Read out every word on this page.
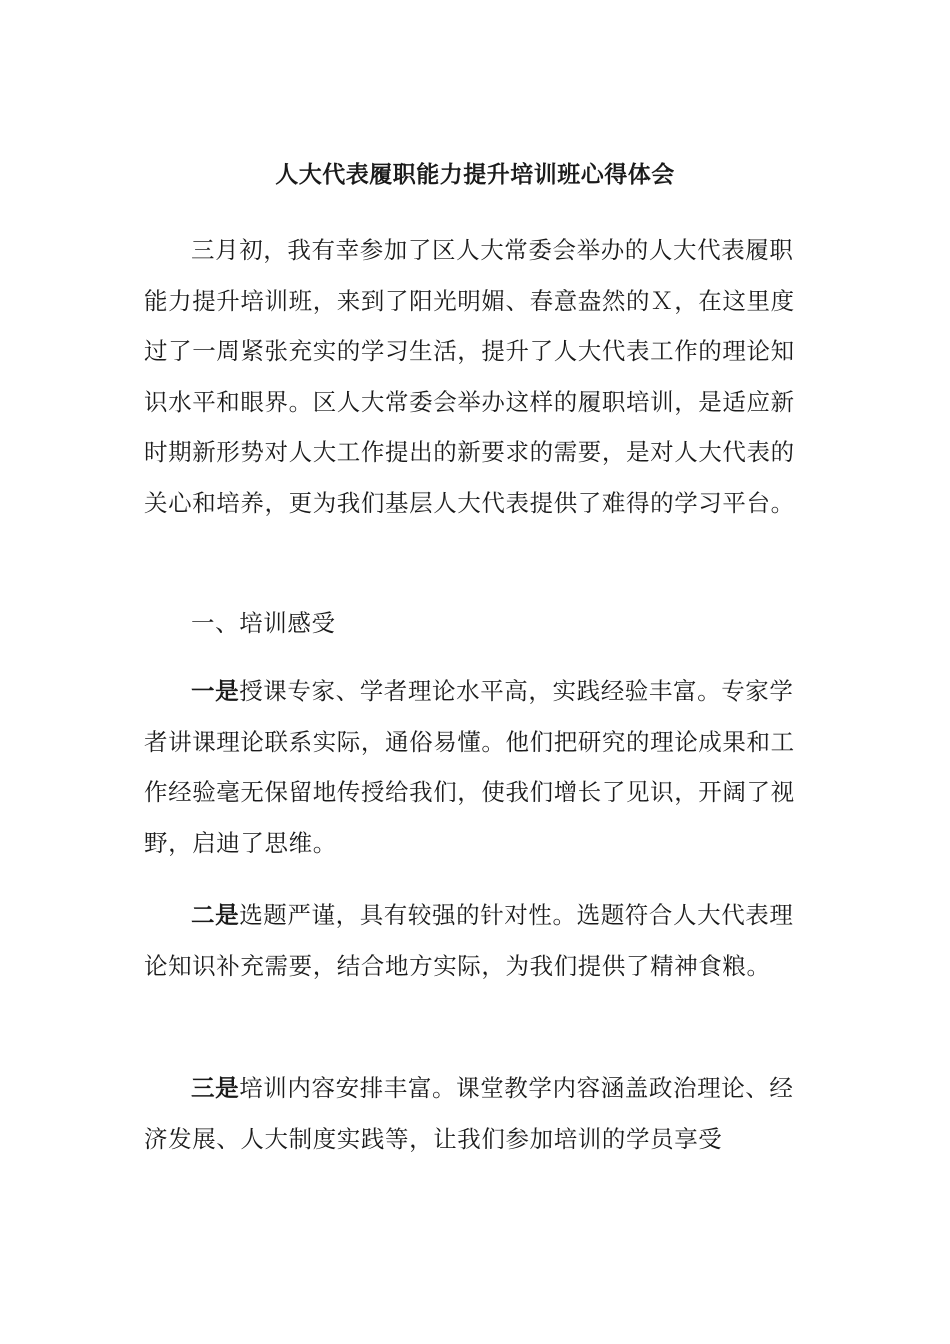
人大代表履职能力提升培训班心得体会

三月初，我有幸参加了区人大常委会举办的人大代表履职能力提升培训班，来到了阳光明媚、春意盎然的Ｘ，在这里度过了一周紧张充实的学习生活，提升了人大代表工作的理论知识水平和眼界。区人大常委会举办这样的履职培训，是适应新时期新形势对人大工作提出的新要求的需要，是对人大代表的关心和培养，更为我们基层人大代表提供了难得的学习平台。

一、培训感受

一是授课专家、学者理论水平高，实践经验丰富。专家学者讲课理论联系实际，通俗易懂。他们把研究的理论成果和工作经验毫无保留地传授给我们，使我们增长了见识，开阔了视野，启迪了思维。

二是选题严谨，具有较强的针对性。选题符合人大代表理论知识补充需要，结合地方实际，为我们提供了精神食粮。

三是培训内容安排丰富。课堂教学内容涵盖政治理论、经济发展、人大制度实践等，让我们参加培训的学员享受
